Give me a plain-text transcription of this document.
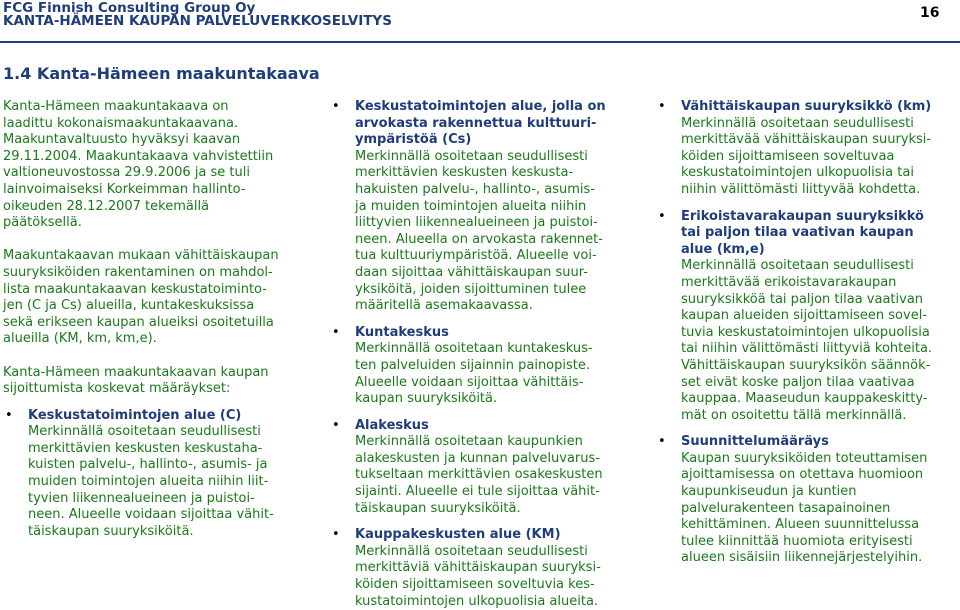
FCG Finnish Consulting Group Oy
KANTA-HÄMEEN KAUPAN PALVELUVERKKOSELVITYS	16
1.4 Kanta-Hämeen maakuntakaava

Kanta-Hämeen maakuntakaava on
laadittu kokonaismaakuntakaavana.
Maakuntavaltuusto hyväksyi kaavan
29.11.2004. Maakuntakaava vahvistettiin
valtioneuvostossa 29.9.2006 ja se tuli
lainvoimaiseksi Korkeimman hallinto-
oikeuden 28.12.2007 tekemällä
päätöksellä.

Maakuntakaavan mukaan vähittäiskaupan
suuryksiköiden rakentaminen on mahdol-
lista maakuntakaavan keskustatoiminto-
jen (C ja Cs) alueilla, kuntakeskuksissa
sekä erikseen kaupan alueiksi osoitetuilla
alueilla (KM, km, km,e).

Kanta-Hämeen maakuntakaavan kaupan
sijoittumista koskevat määräykset:

• Keskustatoimintojen alue (C)

Merkinnällä osoitetaan seudullisesti
merkittävien keskusten keskustaha-
kuisten palvelu-, hallinto-, asumis- ja
muiden toimintojen alueita niihin liit-
tyvien liikennealueineen ja puistoi-
neen. Alueelle voidaan sijoittaa vähit-
täiskaupan suuryksiköitä.

• Keskustatoimintojen alue, jolla on
arvokasta rakennettua kulttuuri-
ympäristöä (Cs)

Merkinnällä osoitetaan seudullisesti
merkittävien keskusten keskusta-
hakuisten palvelu-, hallinto-, asumis-
ja muiden toimintojen alueita niihin
liittyvien liikennealueineen ja puistoi-
neen. Alueella on arvokasta rakennet-
tua kulttuuriympäristöä. Alueelle voi-
daan sijoittaa vähittäiskaupan suur-
yksiköitä, joiden sijoittuminen tulee
määritellä asemakaavassa.

• Kuntakeskus

Merkinnällä osoitetaan kuntakeskus-
ten palveluiden sijainnin painopiste.
Alueelle voidaan sijoittaa vähittäis-
kaupan suuryksiköitä.

• Alakeskus

Merkinnällä osoitetaan kaupunkien
alakeskusten ja kunnan palveluvarus-
tukseltaan merkittävien osakeskusten
sijainti. Alueelle ei tule sijoittaa vähit-
täiskaupan suuryksiköitä.

• Kauppakeskusten alue (KM)

Merkinnällä osoitetaan seudullisesti
merkittäviä vähittäiskaupan suuryksi-
köiden sijoittamiseen soveltuvia kes-
kustatoimintojen ulkopuolisia alueita.

• Vähittäiskaupan suuryksikkö (km)

Merkinnällä osoitetaan seudullisesti
merkittävää vähittäiskaupan suuryksi-
köiden sijoittamiseen soveltuvaa
keskustatoimintojen ulkopuolisia tai
niihin välittömästi liittyvää kohdetta.

• Erikoistavarakaupan suuryksikkö
tai paljon tilaa vaativan kaupan
alue (km,e)

Merkinnällä osoitetaan seudullisesti
merkittävää erikoistavarakaupan
suuryksikköä tai paljon tilaa vaativan
kaupan alueiden sijoittamiseen sovel-
tuvia keskustatoimintojen ulkopuolisia
tai niihin välittömästi liittyviä kohteita.
Vähittäiskaupan suuryksikön säännök-
set eivät koske paljon tilaa vaativaa
kauppaa. Maaseudun kauppakeskitty-
mät on osoitettu tällä merkinnällä.

• Suunnittelumääräys

Kaupan suuryksiköiden toteuttamisen
ajoittamisessa on otettava huomioon
kaupunkiseudun ja kuntien
palvelurakenteen tasapainoinen
kehittäminen. Alueen suunnittelussa
tulee kiinnittää huomiota erityisesti
alueen sisäisiin liikennejärjestelyihin.
